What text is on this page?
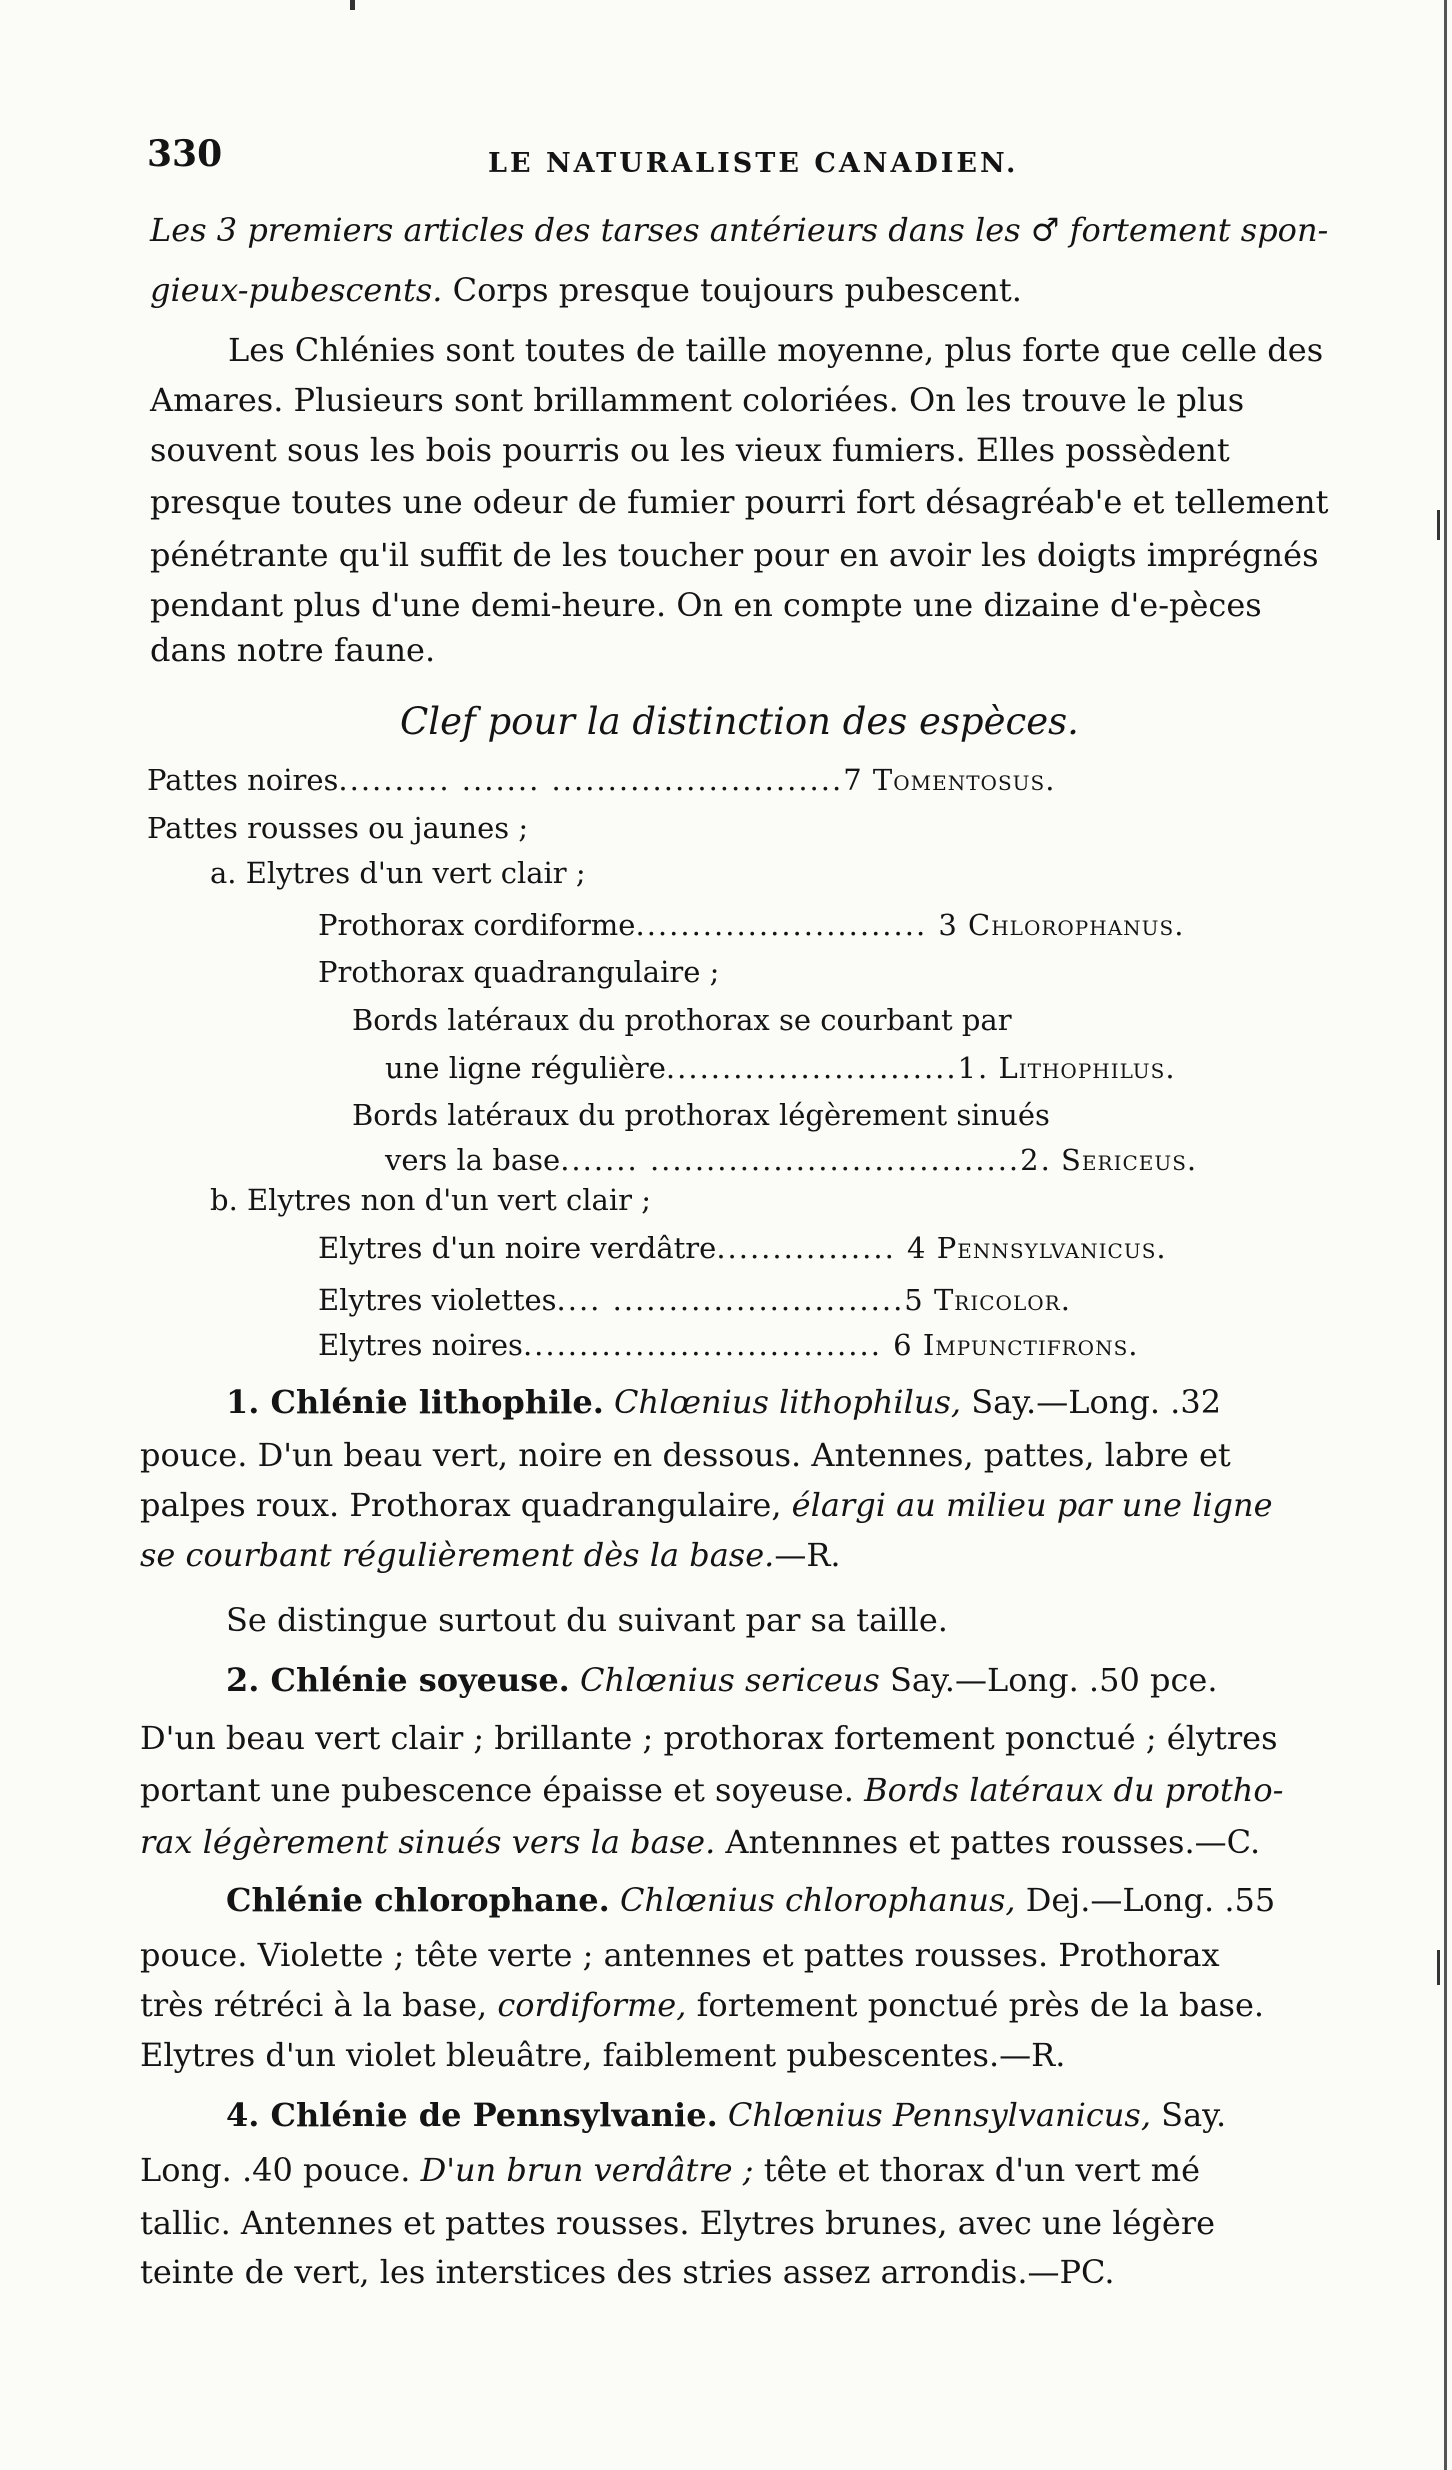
330	LE NATURALISTE CANADIEN.
Les 3 premiers articles des tarses antérieurs dans les ♂ fortement spon-
gieux-pubescents. Corps presque toujours pubescent.
Les Chlénies sont toutes de taille moyenne, plus forte que celle des
Amares. Plusieurs sont brillamment coloriées. On les trouve le plus
souvent sous les bois pourris ou les vieux fumiers. Elles possèdent
presque toutes une odeur de fumier pourri fort désagréab'e et tellement
pénétrante qu'il suffit de les toucher pour en avoir les doigts imprégnés
pendant plus d'une demi-heure. On en compte une dizaine d'e-pèces
dans notre faune.
Clef pour la distinction des espèces.
Pattes noires.......... ....... ..........................7 Tomentosus.
Pattes rousses ou jaunes ;
a. Elytres d'un vert clair ;
Prothorax cordiforme.......................... 3 Chlorophanus.
Prothorax quadrangulaire ;
Bords latéraux du prothorax se courbant par
une ligne régulière..........................1. Lithophilus.
Bords latéraux du prothorax légèrement sinués
vers la base....... .................................2. Sericeus.
b. Elytres non d'un vert clair ;
Elytres d'un noire verdâtre................ 4 Pennsylvanicus.
Elytres violettes.... ..........................5 Tricolor.
Elytres noires................................ 6 Impunctifrons.
1. Chlénie lithophile. Chlœnius lithophilus, Say.—Long. .32
pouce. D'un beau vert, noire en dessous. Antennes, pattes, labre et
palpes roux. Prothorax quadrangulaire, élargi au milieu par une ligne
se courbant régulièrement dès la base.—R.
Se distingue surtout du suivant par sa taille.
2. Chlénie soyeuse. Chlœnius sericeus Say.—Long. .50 pce.
D'un beau vert clair ; brillante ; prothorax fortement ponctué ; élytres
portant une pubescence épaisse et soyeuse. Bords latéraux du protho-
rax légèrement sinués vers la base. Antennnes et pattes rousses.—C.
Chlénie chlorophane. Chlœnius chlorophanus, Dej.—Long. .55
pouce. Violette ; tête verte ; antennes et pattes rousses. Prothorax
très rétréci à la base, cordiforme, fortement ponctué près de la base.
Elytres d'un violet bleuâtre, faiblement pubescentes.—R.
4. Chlénie de Pennsylvanie. Chlœnius Pennsylvanicus, Say.
Long. .40 pouce. D'un brun verdâtre ; tête et thorax d'un vert mé
tallic. Antennes et pattes rousses. Elytres brunes, avec une légère
teinte de vert, les interstices des stries assez arrondis.—PC.
